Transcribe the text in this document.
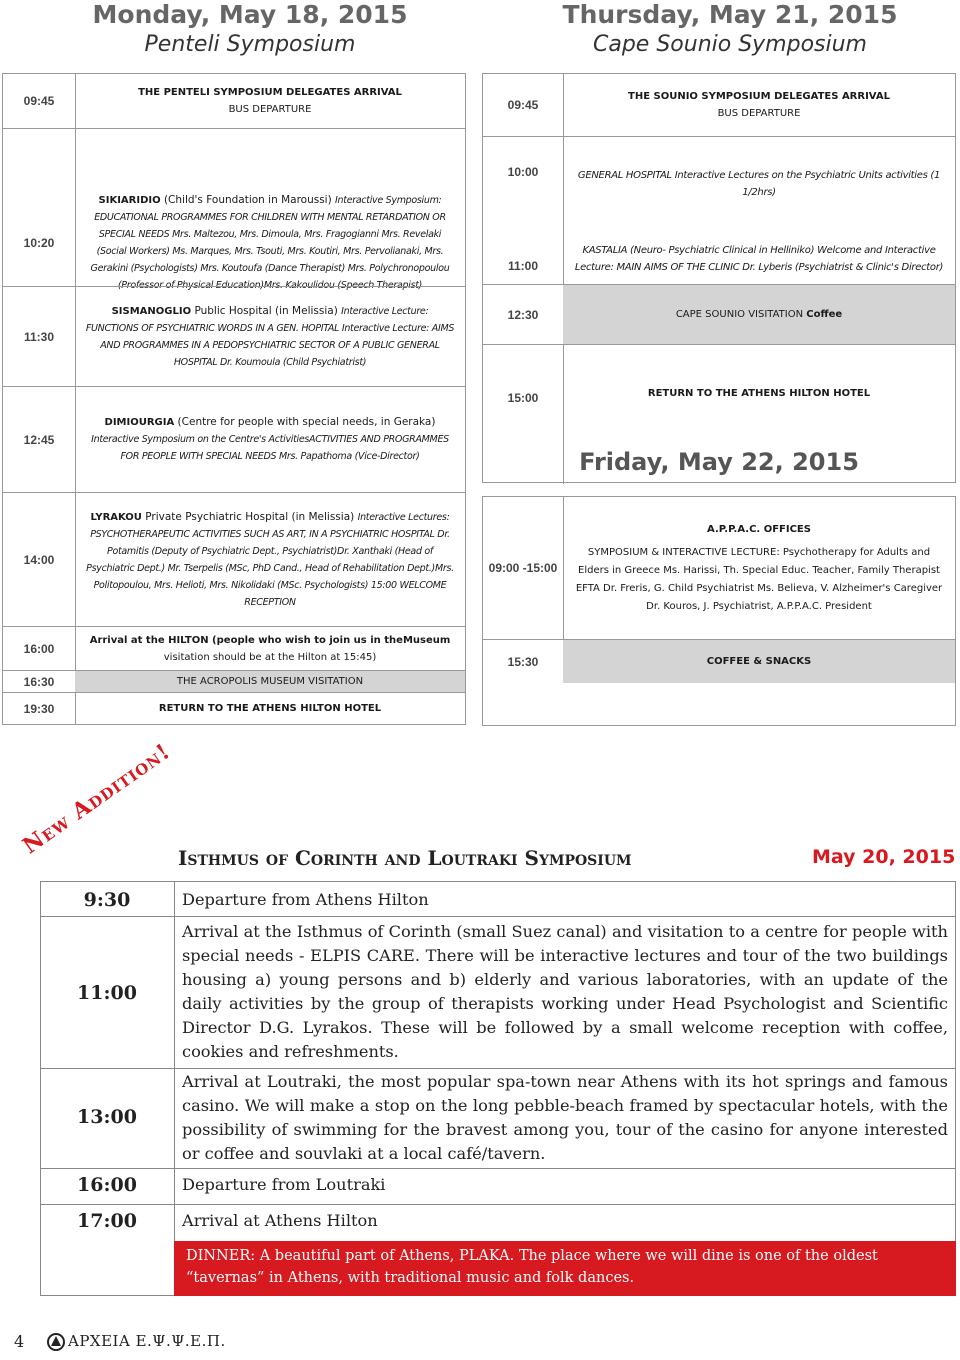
Monday, May 18, 2015
Penteli Symposium
Thursday, May 21, 2015
Cape Sounio Symposium
09:45
THE PENTELI SYMPOSIUM DELEGATES ARRIVAL
BUS DEPARTURE
10:20
SIKIARIDIO (Child's Foundation in Maroussi) Interactive Symposium: EDUCATIONAL PROGRAMMES FOR CHILDREN WITH MENTAL RETARDATION OR SPECIAL NEEDS Mrs. Maltezou, Mrs. Dimoula, Mrs. Fragogianni Mrs. Revelaki (Social Workers) Ms. Marques, Mrs. Tsouti, Mrs. Koutiri, Mrs. Pervolianaki, Mrs. Gerakini (Psychologists) Mrs. Koutoufa (Dance Therapist) Mrs. Polychronopoulou (Professor of Physical Education)Mrs. Kakoulidou (Speech Therapist)
11:30
SISMANOGLIO Public Hospital (in Melissia) Interactive Lecture: FUNCTIONS OF PSYCHIATRIC WORDS IN A GEN. HOPITAL Interactive Lecture: AIMS AND PROGRAMMES IN A PEDOPSYCHIATRIC SECTOR OF A PUBLIC GENERAL HOSPITAL Dr. Koumoula (Child Psychiatrist)
12:45
DIMIOURGIA (Centre for people with special needs, in Geraka) Interactive Symposium on the Centre's ActivitiesACTIVITIES AND PROGRAMMES FOR PEOPLE WITH SPECIAL NEEDS Mrs. Papathoma (Vice-Director)
14:00
LYRAKOU Private Psychiatric Hospital (in Melissia) Interactive Lectures: PSYCHOTHERAPEUTIC ACTIVITIES SUCH AS ART, IN A PSYCHIATRIC HOSPITAL Dr. Potamitis (Deputy of Psychiatric Dept., Psychiatrist)Dr. Xanthaki (Head of Psychiatric Dept.) Mr. Tserpelis (MSc, PhD Cand., Head of Rehabilitation Dept.)Mrs. Politopoulou, Mrs. Helioti, Mrs. Nikolidaki (MSc. Psychologists) 15:00 WELCOME RECEPTION
16:00
Arrival at the HILTON (people who wish to join us in theMuseum
visitation should be at the Hilton at 15:45)
16:30	THE ACROPOLIS MUSEUM VISITATION
19:30	RETURN TO THE ATHENS HILTON HOTEL
09:45
THE SOUNIO SYMPOSIUM DELEGATES ARRIVAL
BUS DEPARTURE
10:00	GENERAL HOSPITAL Interactive Lectures on the Psychiatric Units activities (1 1/2hrs)
11:00
KASTALIA (Neuro- Psychiatric Clinical in Helliniko) Welcome and Interactive Lecture: MAIN AIMS OF THE CLINIC Dr. Lyberis (Psychiatrist & Clinic's Director)
12:30	CAPE SOUNIO VISITATION Coffee
15:00	RETURN TO THE ATHENS HILTON HOTEL
Friday, May 22, 2015
09:00 -15:00
A.P.P.A.C. OFFICES
SYMPOSIUM & INTERACTIVE LECTURE: Psychotherapy for Adults and Elders in Greece Ms. Harissi, Th. Special Educ. Teacher, Family Therapist EFTA Dr. Freris, G. Child Psychiatrist Ms. Believa, V. Alzheimer's Caregiver Dr. Kouros, J. Psychiatrist, A.P.P.A.C. President
15:30	COFFEE & SNACKS
New Addition! Isthmus of Corinth and Loutraki Symposium	May 20, 2015
9:30	Departure from Athens Hilton
11:00
Arrival at the Isthmus of Corinth (small Suez canal) and visitation to a centre for people with special needs - ELPIS CARE. There will be interactive lectures and tour of the two buildings housing a) young persons and b) elderly and various laboratories, with an update of the daily activities by the group of therapists working under Head Psychologist and Scientific Director D.G. Lyrakos. These will be followed by a small welcome reception with coffee, cookies and refreshments.
13:00
Arrival at Loutraki, the most popular spa-town near Athens with its hot springs and famous casino. We will make a stop on the long pebble-beach framed by spectacular hotels, with the possibility of swimming for the bravest among you, tour of the casino for anyone interested or coffee and souvlaki at a local café/tavern.
16:00	Departure from Loutraki
17:00	Arrival at Athens Hilton
DINNER: A beautiful part of Athens, PLAKA. The place where we will dine is one of the oldest “tavernas” in Athens, with traditional music and folk dances.
4	ΑΡΧΕΙΑ Ε.Ψ.Ψ.Ε.Π.
